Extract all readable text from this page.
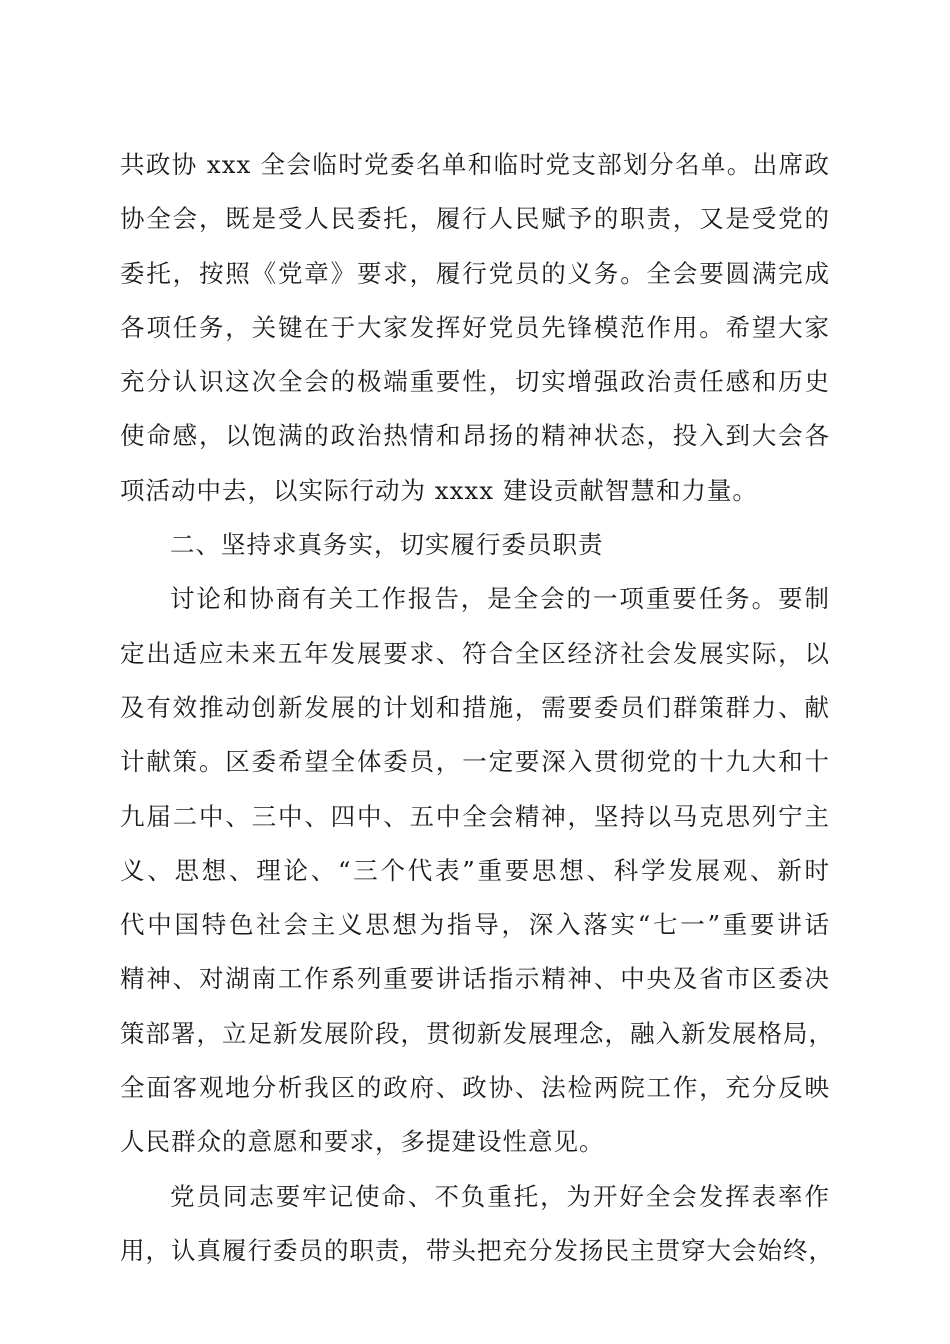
共政协 xxx 全会临时党委名单和临时党支部划分名单。出席政
协全会，既是受人民委托，履行人民赋予的职责，又是受党的
委托，按照《党章》要求，履行党员的义务。全会要圆满完成
各项任务，关键在于大家发挥好党员先锋模范作用。希望大家
充分认识这次全会的极端重要性，切实增强政治责任感和历史
使命感，以饱满的政治热情和昂扬的精神状态，投入到大会各
项活动中去，以实际行动为 xxxx 建设贡献智慧和力量。
二、坚持求真务实，切实履行委员职责
讨论和协商有关工作报告，是全会的一项重要任务。要制
定出适应未来五年发展要求、符合全区经济社会发展实际，以
及有效推动创新发展的计划和措施，需要委员们群策群力、献
计献策。区委希望全体委员，一定要深入贯彻党的十九大和十
九届二中、三中、四中、五中全会精神，坚持以马克思列宁主
义、思想、理论、“三个代表”重要思想、科学发展观、新时
代中国特色社会主义思想为指导，深入落实“七一”重要讲话
精神、对湖南工作系列重要讲话指示精神、中央及省市区委决
策部署，立足新发展阶段，贯彻新发展理念，融入新发展格局，
全面客观地分析我区的政府、政协、法检两院工作，充分反映
人民群众的意愿和要求，多提建设性意见。
党员同志要牢记使命、不负重托，为开好全会发挥表率作
用，认真履行委员的职责，带头把充分发扬民主贯穿大会始终，
